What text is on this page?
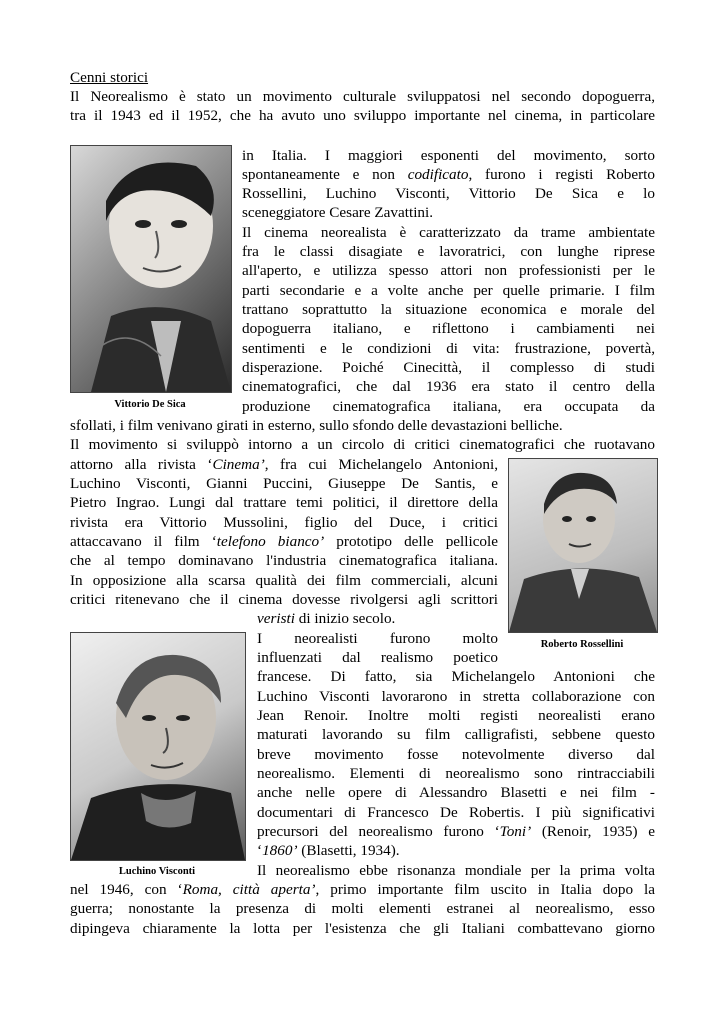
Cenni storici
Il Neorealismo è stato un movimento culturale sviluppatosi nel secondo dopoguerra,
tra il 1943 ed il 1952, che ha avuto uno sviluppo importante nel cinema, in particolare
in Italia. I maggiori esponenti del movimento, sorto
spontaneamente e non codificato, furono i registi Roberto
Rossellini, Luchino Visconti, Vittorio De Sica e lo
sceneggiatore Cesare Zavattini.
Il cinema neorealista è caratterizzato da trame ambientate
fra le classi disagiate e lavoratrici, con lunghe riprese
all'aperto, e utilizza spesso attori non professionisti per le
parti secondarie e a volte anche per quelle primarie. I film
trattano soprattutto la situazione economica e morale del
dopoguerra italiano, e riflettono i cambiamenti nei
sentimenti e le condizioni di vita: frustrazione, povertà,
disperazione. Poiché Cinecittà, il complesso di studi
cinematografici, che dal 1936 era stato il centro della
produzione cinematografica italiana, era occupata da
sfollati, i film venivano girati in esterno, sullo sfondo delle devastazioni belliche.
Il movimento si sviluppò intorno a un circolo di critici cinematografici che ruotavano
attorno alla rivista ‘Cinema’, fra cui Michelangelo Antonioni,
Luchino Visconti, Gianni Puccini, Giuseppe De Santis, e
Pietro Ingrao. Lungi dal trattare temi politici, il direttore della
rivista era Vittorio Mussolini, figlio del Duce, i critici
attaccavano il film ‘telefono bianco’ prototipo delle pellicole
che al tempo dominavano l'industria cinematografica italiana.
In opposizione alla scarsa qualità dei film commerciali, alcuni
critici ritenevano che il cinema dovesse rivolgersi agli scrittori
veristi di inizio secolo.
I neorealisti furono molto
influenzati dal realismo poetico
francese. Di fatto, sia Michelangelo Antonioni che
Luchino Visconti lavorarono in stretta collaborazione con
Jean Renoir. Inoltre molti registi neorealisti erano
maturati lavorando su film calligrafisti, sebbene questo
breve movimento fosse notevolmente diverso dal
neorealismo. Elementi di neorealismo sono rintracciabili
anche nelle opere di Alessandro Blasetti e nei film -
documentari di Francesco De Robertis. I più significativi
precursori del neorealismo furono ‘Toni’ (Renoir, 1935) e
‘1860’ (Blasetti, 1934).
Il neorealismo ebbe risonanza mondiale per la prima volta
nel 1946, con ‘Roma, città aperta’, primo importante film uscito in Italia dopo la
guerra; nonostante la presenza di molti elementi estranei al neorealismo, esso
dipingeva chiaramente la lotta per l'esistenza che gli Italiani combattevano giorno
Vittorio De Sica
Roberto Rossellini
Luchino Visconti
